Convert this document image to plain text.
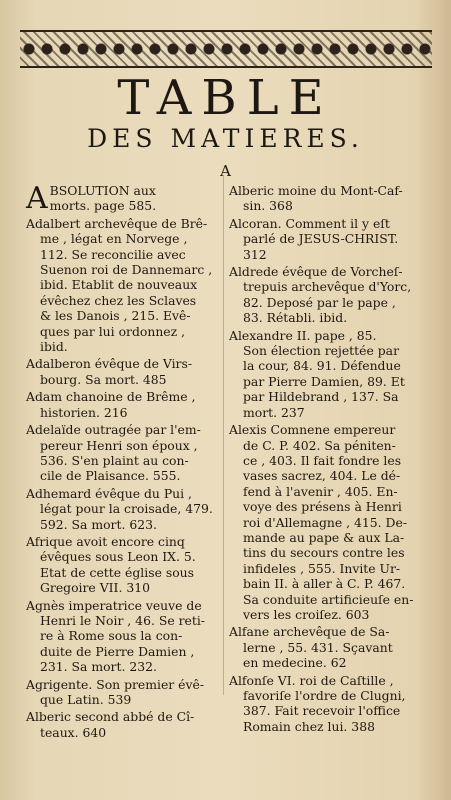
TABLE
DES MATIERES.
A
A BSOLUTION aux
morts. page 585.
Adalbert archevêque de Brê-
me , légat en Norvege ,
112. Se reconcilie avec
Suenon roi de Dannemarc ,
ibid. Etablit de nouveaux
évêchez chez les Sclaves
& les Danois , 215. Evê-
ques par lui ordonnez ,
ibid.
Adalberon évêque de Virs-
bourg. Sa mort. 485
Adam chanoine de Brême ,
historien. 216
Adelaïde outragée par l'em-
pereur Henri son époux ,
536. S'en plaint au con-
cile de Plaisance. 555.
Adhemard évêque du Pui ,
légat pour la croisade, 479.
592. Sa mort. 623.
Afrique avoit encore cinq
évêques sous Leon IX. 5.
Etat de cette église sous
Gregoire VII. 310
Agnès imperatrice veuve de
Henri le Noir , 46. Se reti-
re à Rome sous la con-
duite de Pierre Damien ,
231. Sa mort. 232.
Agrigente. Son premier évê-
que Latin. 539
Alberic second abbé de Cî-
teaux. 640
Alberic moine du Mont-Caf-
sin. 368
Alcoran. Comment il y eſt
parlé de JESUS-CHRIST.
312
Aldrede évêque de Vorcheſ-
trepuis archevêque d'Yorc,
82. Deposé par le pape ,
83. Rétabli. ibid.
Alexandre II. pape , 85.
Son élection rejettée par
la cour, 84. 91. Défendue
par Pierre Damien, 89. Et
par Hildebrand , 137. Sa
mort. 237
Alexis Comnene empereur
de C. P. 402. Sa péniten-
ce , 403. Il fait fondre les
vases sacrez, 404. Le dé-
fend à l'avenir , 405. En-
voye des présens à Henri
roi d'Allemagne , 415. De-
mande au pape & aux La-
tins du secours contre les
infideles , 555. Invite Ur-
bain II. à aller à C. P. 467.
Sa conduite artificieuſe en-
vers les croiſez. 603
Alfane archevêque de Sa-
lerne , 55. 431. Sçavant
en medecine. 62
Alfonſe VI. roi de Caſtille ,
favoriſe l'ordre de Clugni,
387. Fait recevoir l'office
Romain chez lui. 388
